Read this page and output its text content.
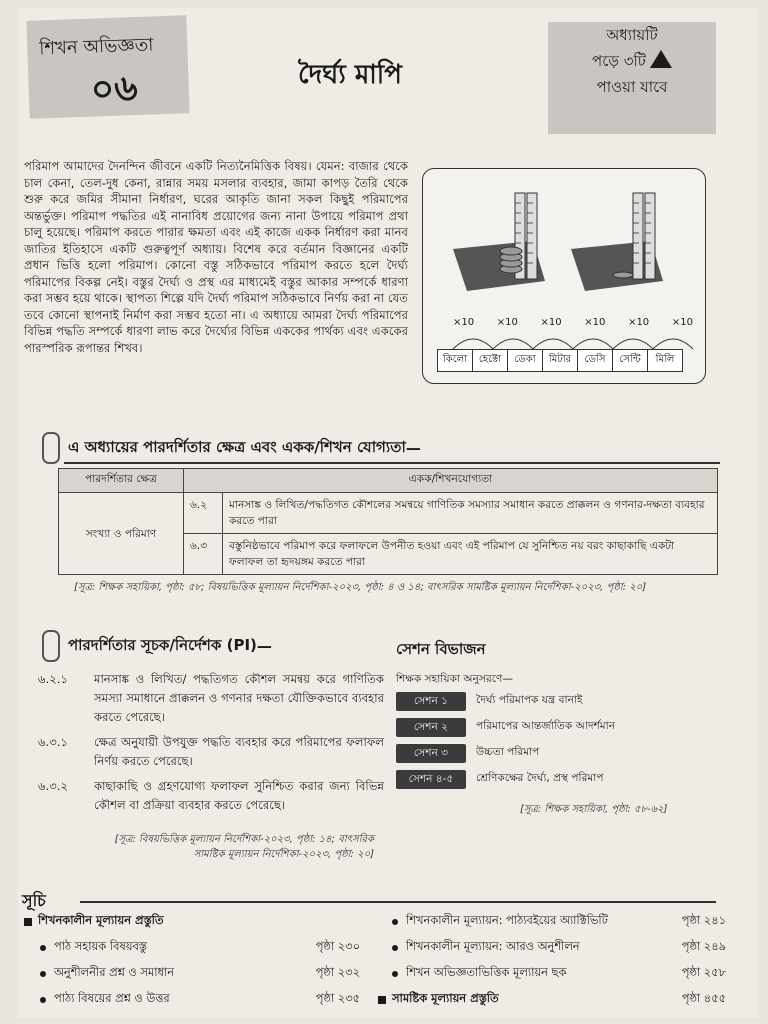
শিখন অভিজ্ঞতা
০৬	দৈর্ঘ্য মাপি
অধ্যায়টি
পড়ে ৩টি
পাওয়া যাবে
পরিমাপ আমাদের দৈনন্দিন জীবনে একটি নিত্যনৈমিত্তিক বিষয়। যেমন: বাজার থেকে চাল কেনা, তেল-দুধ কেনা, রান্নার সময় মসলার ব্যবহার, জামা কাপড় তৈরি থেকে শুরু করে জমির সীমানা নির্ধারণ, ঘরের আকৃতি জানা সকল কিছুই পরিমাপের অন্তর্ভুক্ত। পরিমাপ পদ্ধতির এই নানাবিধ প্রয়োগের জন্য নানা উপায়ে পরিমাপ প্রথা চালু হয়েছে। পরিমাপ করতে পারার ক্ষমতা এবং এই কাজে একক নির্ধারণ করা মানব জাতির ইতিহাসে একটি গুরুত্বপূর্ণ অধ্যায়। বিশেষ করে বর্তমান বিজ্ঞানের একটি প্রধান ভিত্তি হলো পরিমাপ। কোনো বস্তু সঠিকভাবে পরিমাপ করতে হলে দৈর্ঘ্য পরিমাপের বিকল্প নেই। বস্তুর দৈর্ঘ্য ও প্রস্থ এর মাধ্যমেই বস্তুর আকার সম্পর্কে ধারণা করা সম্ভব হয়ে থাকে। স্থাপত্য শিল্পে যদি দৈর্ঘ্য পরিমাপ সঠিকভাবে নির্ণয় করা না যেত তবে কোনো স্থাপনাই নির্মাণ করা সম্ভব হতো না। এ অধ্যায়ে আমরা দৈর্ঘ্য পরিমাপের বিভিন্ন পদ্ধতি সম্পর্কে ধারণা লাভ করে দৈর্ঘ্যের বিভিন্ন এককের পার্থক্য এবং এককের পারস্পরিক রূপান্তর শিখব।
×10 ×10 ×10 ×10 ×10 ×10
কিলো	হেক্টো	ডেকা	মিটার	ডেসি	সেন্টি	মিলি
এ অধ্যায়ের পারদর্শিতার ক্ষেত্র এবং একক/শিখন যোগ্যতা —
পারদর্শিতার ক্ষেত্র	একক/শিখনযোগ্যতা	
সংখ্যা ও পরিমাণ	৬.২	মানসাঙ্ক ও লিখিত/পদ্ধতিগত কৌশলের সমন্বয়ে গাণিতিক সমস্যার সমাধান করতে প্রাক্কলন ও গণনার-দক্ষতা ব্যবহার করতে পারা
	৬.৩	বস্তুনিষ্ঠভাবে পরিমাপ করে ফলাফলে উপনীত হওয়া এবং এই পরিমাপ যে সুনিশ্চিত নয় বরং কাছাকাছি একটা ফলাফল তা হৃদয়ঙ্গম করতে পারা
[সূত্র: শিক্ষক সহায়িকা, পৃষ্ঠা: ৫৮; বিষয়ভিত্তিক মূল্যায়ন নির্দেশিকা-২০২৩, পৃষ্ঠা: ৪ ও ১৪; বাৎসরিক সামষ্টিক মূল্যায়ন নির্দেশিকা-২০২৩, পৃষ্ঠা: ২০]
পারদর্শিতার সূচক/নির্দেশক (PI) —
৬.২.১	মানসাঙ্ক ও লিখিত/ পদ্ধতিগত কৌশল সমন্বয় করে গাণিতিক সমস্যা সমাধানে প্রাক্কলন ও গণনার দক্ষতা যৌক্তিকভাবে ব্যবহার করতে পেরেছে।
৬.৩.১	ক্ষেত্র অনুযায়ী উপযুক্ত পদ্ধতি ব্যবহার করে পরিমাপের ফলাফল নির্ণয় করতে পেরেছে।
৬.৩.২	কাছাকাছি ও গ্রহণযোগ্য ফলাফল সুনিশ্চিত করার জন্য বিভিন্ন কৌশল বা প্রক্রিয়া ব্যবহার করতে পেরেছে।
[সূত্র: বিষয়ভিত্তিক মূল্যায়ন নির্দেশিকা-২০২৩, পৃষ্ঠা: ১৪; বাৎসরিক সামষ্টিক মূল্যায়ন নির্দেশিকা-২০২৩, পৃষ্ঠা: ২০]
সেশন বিভাজন
শিক্ষক সহায়িকা অনুসরণে—
সেশন ১	দৈর্ঘ্য পরিমাপক যন্ত্র বানাই
সেশন ২	পরিমাপের আন্তর্জাতিক আদর্শমান
সেশন ৩	উচ্চতা পরিমাপ
সেশন ৪-৫	শ্রেণিকক্ষের দৈর্ঘ্য, প্রস্থ পরিমাপ
[সূত্র: শিক্ষক সহায়িকা, পৃষ্ঠা: ৫৮-৬২]
সূচি
শিখনকালীন মূল্যায়ন প্রস্তুতি
পাঠ সহায়ক বিষয়বস্তু	পৃষ্ঠা ২৩০
অনুশীলনীর প্রশ্ন ও সমাধান	পৃষ্ঠা ২৩২
পাঠ্য বিষয়ের প্রশ্ন ও উত্তর	পৃষ্ঠা ২৩৫
শিখনকালীন মূল্যায়ন: পাঠ্যবইয়ের অ্যাক্টিভিটি	পৃষ্ঠা ২৪১
শিখনকালীন মূল্যায়ন: আরও অনুশীলন	পৃষ্ঠা ২৪৯
শিখন অভিজ্ঞতাভিত্তিক মূল্যায়ন ছক	পৃষ্ঠা ২৫৮
সামষ্টিক মূল্যায়ন প্রস্তুতি	পৃষ্ঠা ৪৫৫
